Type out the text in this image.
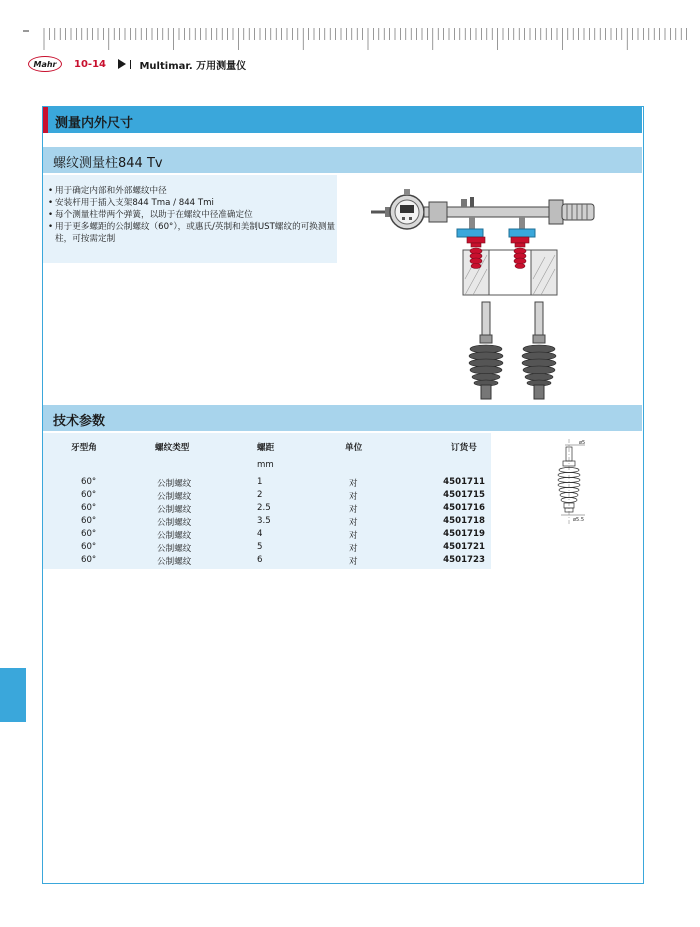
Mahr 10-14	Multimar. 万用测量仪
测量内外尺寸
螺纹测量柱844 Tv
• 用于确定内部和外部螺纹中径
• 安装杆用于插入支架844 Tma / 844 Tmi
• 每个测量柱带两个弹簧，以助于在螺纹中径准确定位
• 用于更多螺距的公制螺纹（60°），或惠氏/英制和美制UST螺纹的可换测量柱，可按需定制
技术参数
牙型角	螺纹类型	螺距	单位	订货号
mm
60°	公制螺纹	1	对	4501711
60°	公制螺纹	2	对	4501715
60°	公制螺纹	2.5	对	4501716
60°	公制螺纹	3.5	对	4501718
60°	公制螺纹	4	对	4501719
60°	公制螺纹	5	对	4501721
60°	公制螺纹	6	对	4501723
ø5
ø5.5
